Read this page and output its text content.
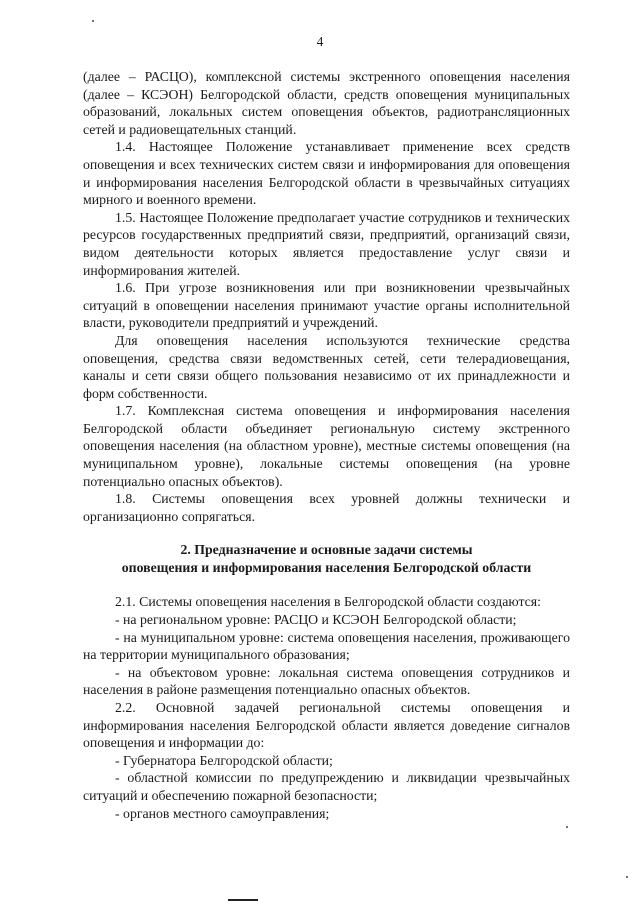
4

(далее – РАСЦО), комплексной системы экстренного оповещения населения (далее – КСЭОН) Белгородской области, средств оповещения муниципальных образований, локальных систем оповещения объектов, радиотрансляционных сетей и радиовещательных станций.

1.4. Настоящее Положение устанавливает применение всех средств оповещения и всех технических систем связи и информирования для оповещения и информирования населения Белгородской области в чрезвычайных ситуациях мирного и военного времени.

1.5. Настоящее Положение предполагает участие сотрудников и технических ресурсов государственных предприятий связи, предприятий, организаций связи, видом деятельности которых является предоставление услуг связи и информирования жителей.

1.6. При угрозе возникновения или при возникновении чрезвычайных ситуаций в оповещении населения принимают участие органы исполнительной власти, руководители предприятий и учреждений.

Для оповещения населения используются технические средства оповещения, средства связи ведомственных сетей, сети телерадиовещания, каналы и сети связи общего пользования независимо от их принадлежности и форм собственности.

1.7. Комплексная система оповещения и информирования населения Белгородской области объединяет региональную систему экстренного оповещения населения (на областном уровне), местные системы оповещения (на муниципальном уровне), локальные системы оповещения (на уровне потенциально опасных объектов).

1.8. Системы оповещения всех уровней должны технически и организационно сопрягаться.

2. Предназначение и основные задачи системы
оповещения и информирования населения Белгородской области

2.1. Системы оповещения населения в Белгородской области создаются:

- на региональном уровне: РАСЦО и КСЭОН Белгородской области;

- на муниципальном уровне: система оповещения населения, проживающего на территории муниципального образования;

- на объектовом уровне: локальная система оповещения сотрудников и населения в районе размещения потенциально опасных объектов.

2.2. Основной задачей региональной системы оповещения и информирования населения Белгородской области является доведение сигналов оповещения и информации до:

- Губернатора Белгородской области;

- областной комиссии по предупреждению и ликвидации чрезвычайных ситуаций и обеспечению пожарной безопасности;

- органов местного самоуправления;
